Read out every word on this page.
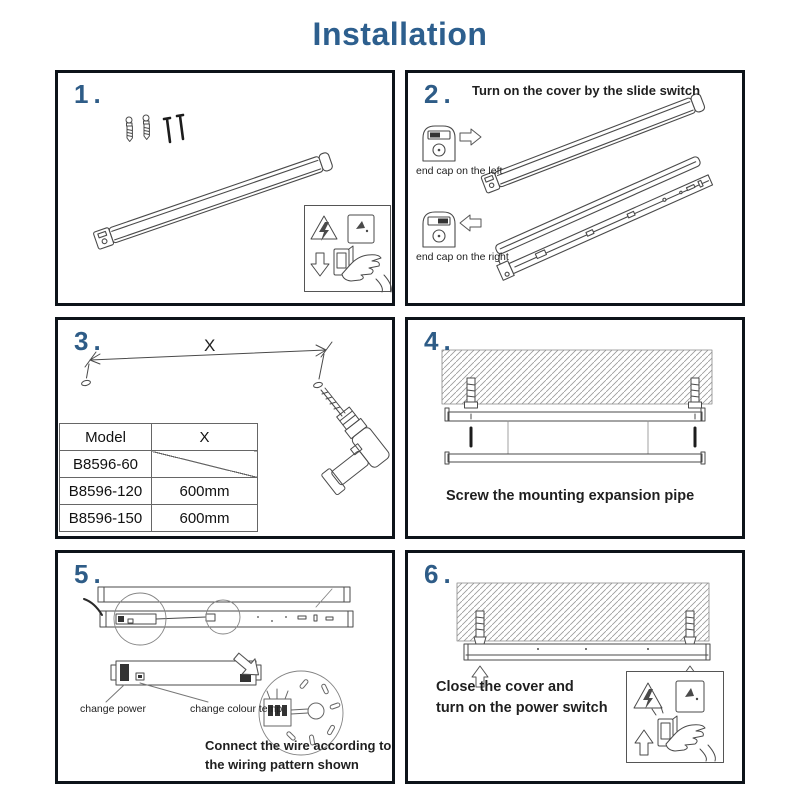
Installation
1.	2. Turn on the cover by the slide switch
end cap on the left
end cap on the right
3.	X
Model	X
B8596-60	
B8596-120	600mm
B8596-150	600mm
4.
Screw the mounting expansion pipe
5.
change power	change colour temp
Connect the wire according to
the wiring pattern shown
6.
Close the cover and
turn on the power switch
